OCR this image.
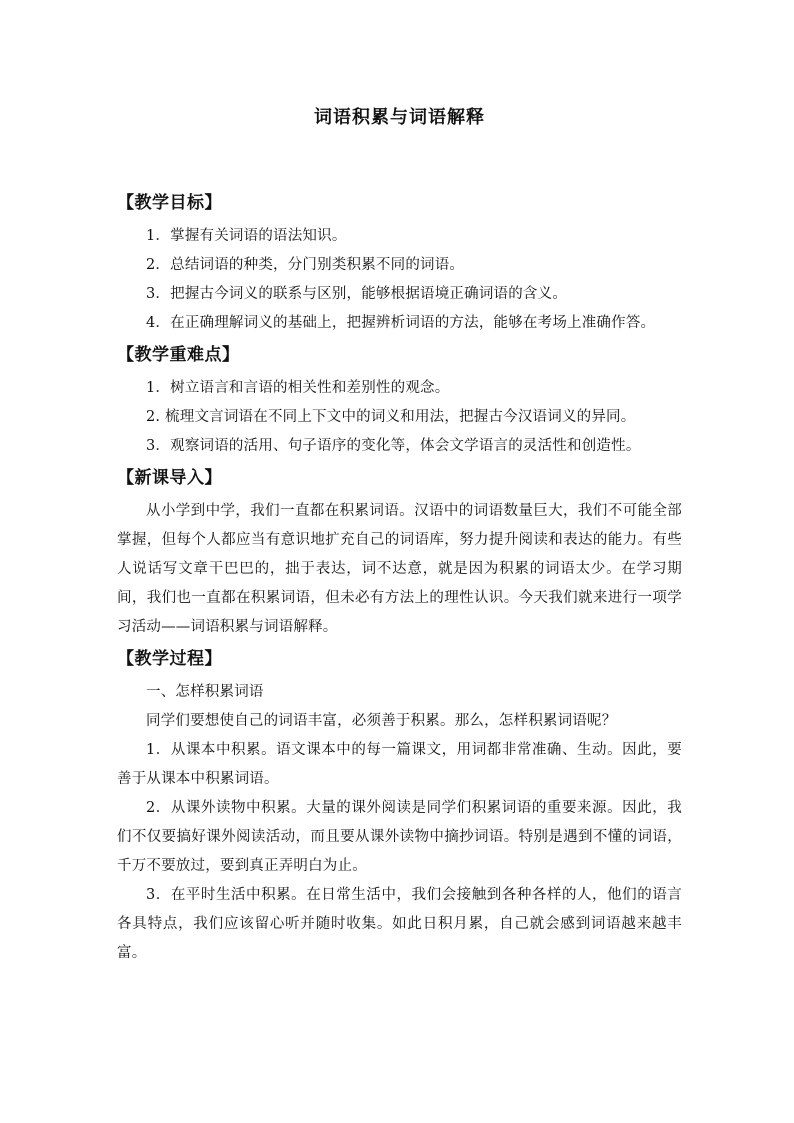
词语积累与词语解释
【教学目标】

1．掌握有关词语的语法知识。

2．总结词语的种类，分门别类积累不同的词语。

3．把握古今词义的联系与区别，能够根据语境正确词语的含义。

4．在正确理解词义的基础上，把握辨析词语的方法，能够在考场上准确作答。

【教学重难点】

1．树立语言和言语的相关性和差别性的观念。

2. 梳理文言词语在不同上下文中的词义和用法，把握古今汉语词义的异同。

3．观察词语的活用、句子语序的变化等，体会文学语言的灵活性和创造性。

【新课导入】

从小学到中学，我们一直都在积累词语。汉语中的词语数量巨大，我们不可能全部掌握，但每个人都应当有意识地扩充自己的词语库，努力提升阅读和表达的能力。有些人说话写文章干巴巴的，拙于表达，词不达意，就是因为积累的词语太少。在学习期间，我们也一直都在积累词语，但未必有方法上的理性认识。今天我们就来进行一项学习活动——词语积累与词语解释。

【教学过程】

一、怎样积累词语

同学们要想使自己的词语丰富，必须善于积累。那么，怎样积累词语呢？

1．从课本中积累。语文课本中的每一篇课文，用词都非常准确、生动。因此，要善于从课本中积累词语。

2．从课外读物中积累。大量的课外阅读是同学们积累词语的重要来源。因此，我们不仅要搞好课外阅读活动，而且要从课外读物中摘抄词语。特别是遇到不懂的词语，千万不要放过，要到真正弄明白为止。

3．在平时生活中积累。在日常生活中，我们会接触到各种各样的人，他们的语言各具特点，我们应该留心听并随时收集。如此日积月累，自己就会感到词语越来越丰富。
